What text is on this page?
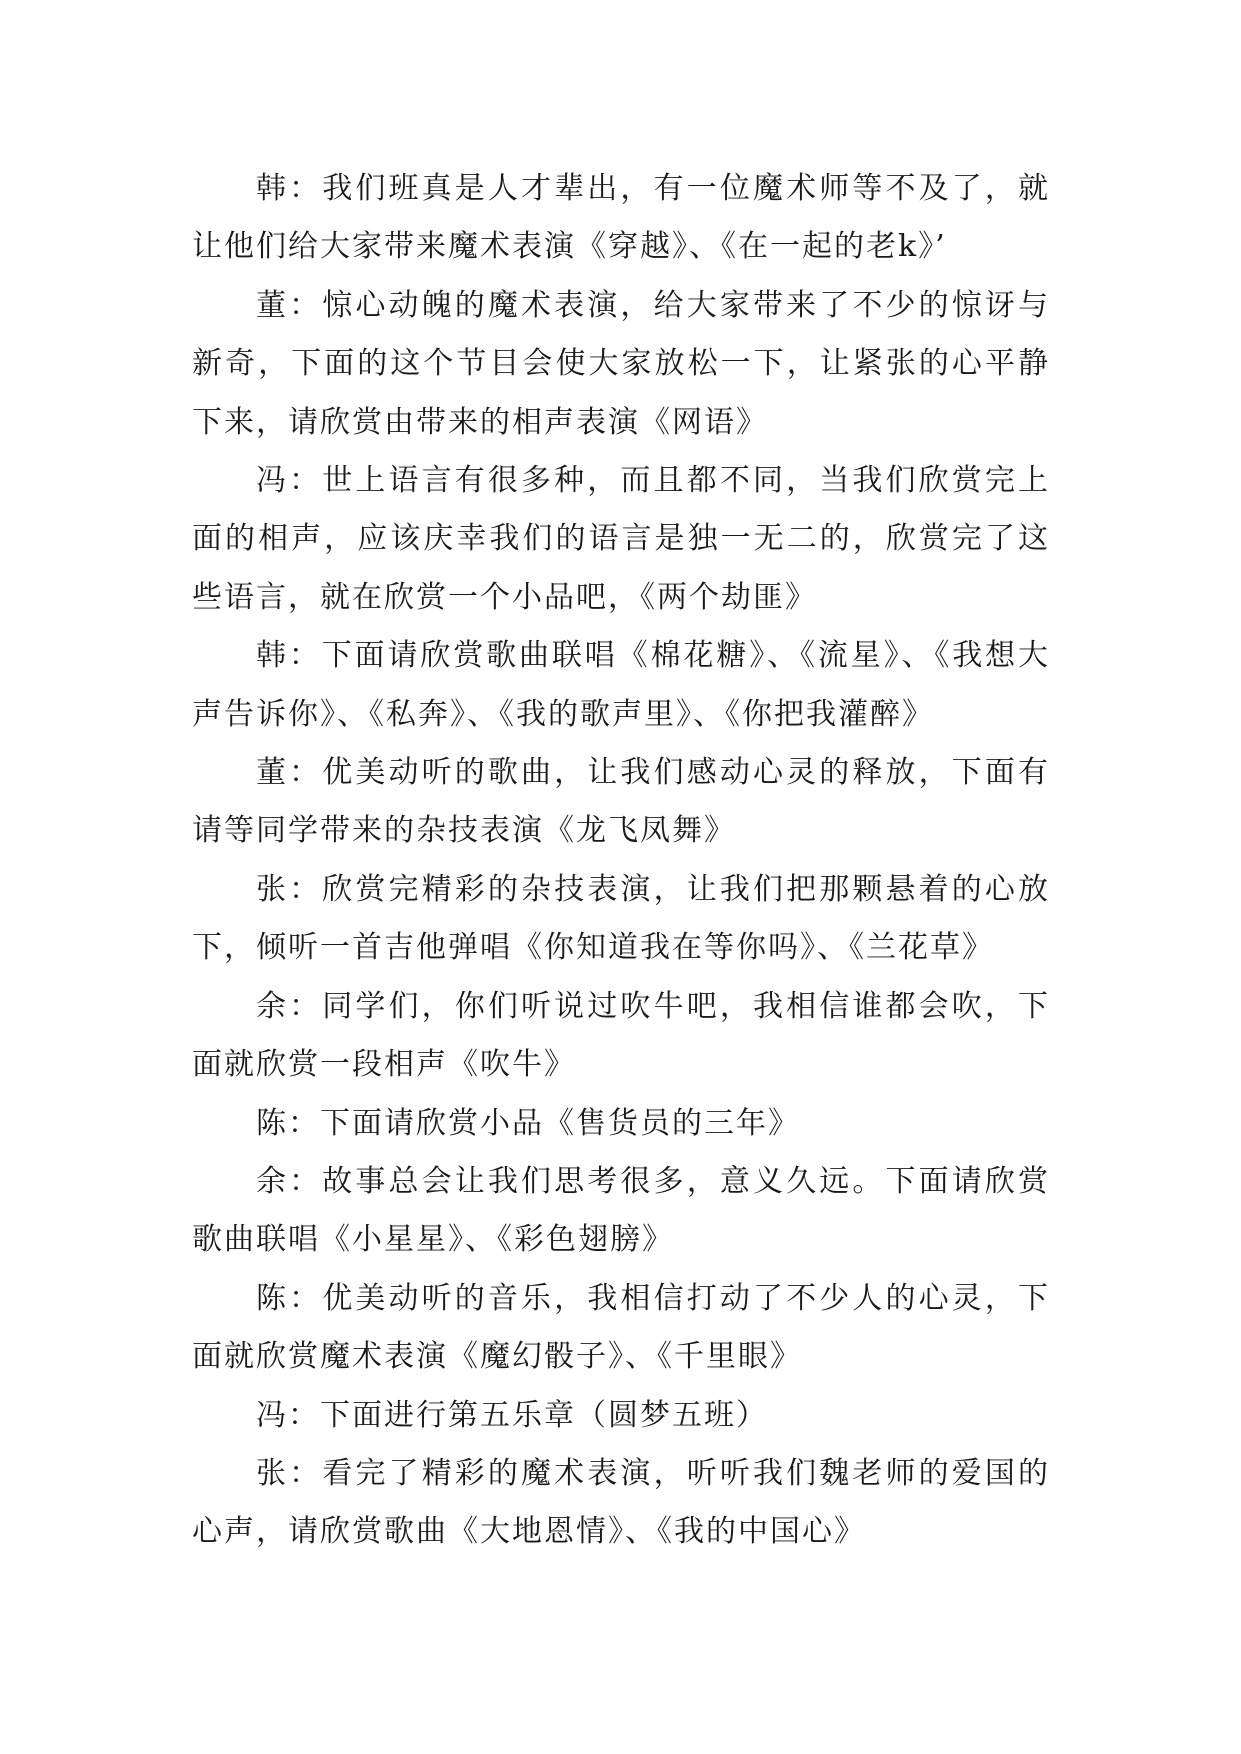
韩：我们班真是人才辈出，有一位魔术师等不及了，就让他们给大家带来魔术表演《穿越》、《在一起的老k》’

董：惊心动魄的魔术表演，给大家带来了不少的惊讶与新奇，下面的这个节目会使大家放松一下，让紧张的心平静下来，请欣赏由带来的相声表演《网语》

冯：世上语言有很多种，而且都不同，当我们欣赏完上面的相声，应该庆幸我们的语言是独一无二的，欣赏完了这些语言，就在欣赏一个小品吧，《两个劫匪》

韩：下面请欣赏歌曲联唱《棉花糖》、《流星》、《我想大声告诉你》、《私奔》、《我的歌声里》、《你把我灌醉》

董：优美动听的歌曲，让我们感动心灵的释放，下面有请等同学带来的杂技表演《龙飞凤舞》

张：欣赏完精彩的杂技表演，让我们把那颗悬着的心放下，倾听一首吉他弹唱《你知道我在等你吗》、《兰花草》

余：同学们，你们听说过吹牛吧，我相信谁都会吹，下面就欣赏一段相声《吹牛》

陈：下面请欣赏小品《售货员的三年》

余：故事总会让我们思考很多，意义久远。下面请欣赏歌曲联唱《小星星》、《彩色翅膀》

陈：优美动听的音乐，我相信打动了不少人的心灵，下面就欣赏魔术表演《魔幻骰子》、《千里眼》

冯：下面进行第五乐章（圆梦五班）

张：看完了精彩的魔术表演，听听我们魏老师的爱国的心声，请欣赏歌曲《大地恩情》、《我的中国心》
